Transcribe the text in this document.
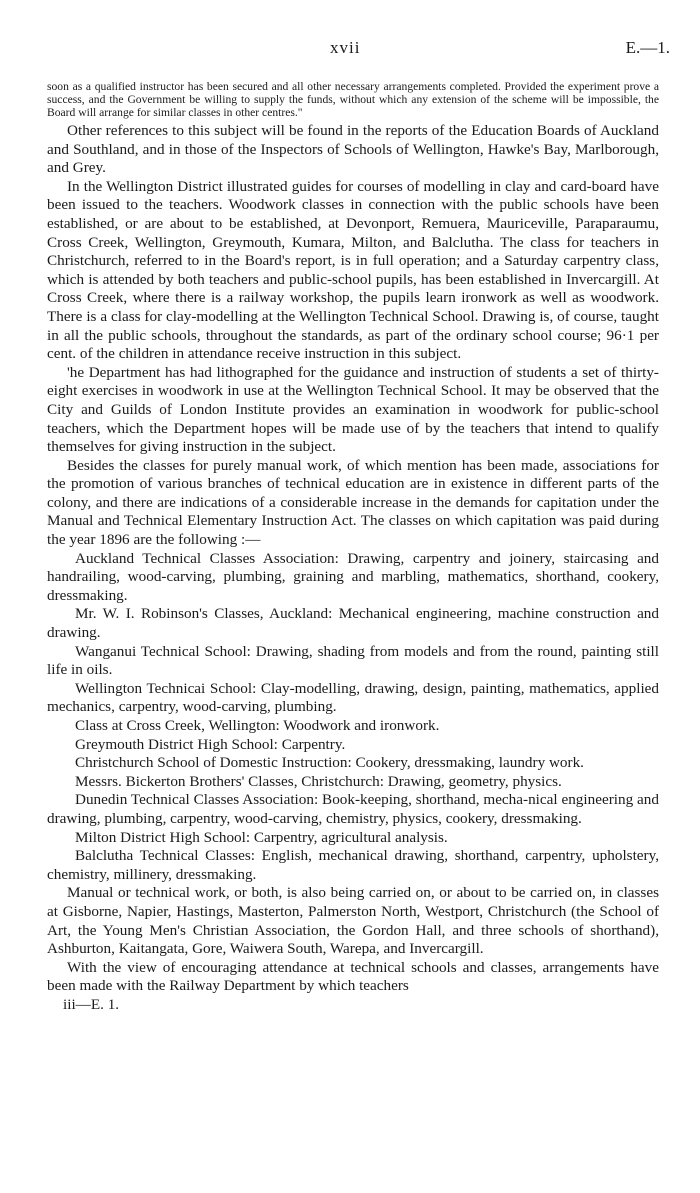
xvii	E.—1.

soon as a qualified instructor has been secured and all other necessary arrangements completed. Provided the experiment prove a success, and the Government be willing to supply the funds, without which any extension of the scheme will be impossible, the Board will arrange for similar classes in other centres."

Other references to this subject will be found in the reports of the Education Boards of Auckland and Southland, and in those of the Inspectors of Schools of Wellington, Hawke's Bay, Marlborough, and Grey.

In the Wellington District illustrated guides for courses of modelling in clay and card-board have been issued to the teachers. Woodwork classes in connection with the public schools have been established, or are about to be established, at Devonport, Remuera, Mauriceville, Paraparaumu, Cross Creek, Wellington, Greymouth, Kumara, Milton, and Balclutha. The class for teachers in Christchurch, referred to in the Board's report, is in full operation; and a Saturday carpentry class, which is attended by both teachers and public-school pupils, has been established in Invercargill. At Cross Creek, where there is a railway workshop, the pupils learn ironwork as well as woodwork. There is a class for clay-modelling at the Wellington Technical School. Drawing is, of course, taught in all the public schools, throughout the standards, as part of the ordinary school course; 96·1 per cent. of the children in attendance receive instruction in this subject.

'he Department has had lithographed for the guidance and instruction of students a set of thirty-eight exercises in woodwork in use at the Wellington Technical School. It may be observed that the City and Guilds of London Institute provides an examination in woodwork for public-school teachers, which the Department hopes will be made use of by the teachers that intend to qualify themselves for giving instruction in the subject.

Besides the classes for purely manual work, of which mention has been made, associations for the promotion of various branches of technical education are in existence in different parts of the colony, and there are indications of a considerable increase in the demands for capitation under the Manual and Technical Elementary Instruction Act. The classes on which capitation was paid during the year 1896 are the following :—

Auckland Technical Classes Association: Drawing, carpentry and joinery, staircasing and handrailing, wood-carving, plumbing, graining and marbling, mathematics, shorthand, cookery, dressmaking.

Mr. W. I. Robinson's Classes, Auckland: Mechanical engineering, machine construction and drawing.

Wanganui Technical School: Drawing, shading from models and from the round, painting still life in oils.

Wellington Technicai School: Clay-modelling, drawing, design, painting, mathematics, applied mechanics, carpentry, wood-carving, plumbing.

Class at Cross Creek, Wellington: Woodwork and ironwork.

Greymouth District High School: Carpentry.

Christchurch School of Domestic Instruction: Cookery, dressmaking, laundry work.

Messrs. Bickerton Brothers' Classes, Christchurch: Drawing, geometry, physics.

Dunedin Technical Classes Association: Book-keeping, shorthand, mecha-nical engineering and drawing, plumbing, carpentry, wood-carving, chemistry, physics, cookery, dressmaking.

Milton District High School: Carpentry, agricultural analysis.

Balclutha Technical Classes: English, mechanical drawing, shorthand, carpentry, upholstery, chemistry, millinery, dressmaking.

Manual or technical work, or both, is also being carried on, or about to be carried on, in classes at Gisborne, Napier, Hastings, Masterton, Palmerston North, Westport, Christchurch (the School of Art, the Young Men's Christian Association, the Gordon Hall, and three schools of shorthand), Ashburton, Kaitangata, Gore, Waiwera South, Warepa, and Invercargill.

With the view of encouraging attendance at technical schools and classes, arrangements have been made with the Railway Department by which teachers

iii—E. 1.
